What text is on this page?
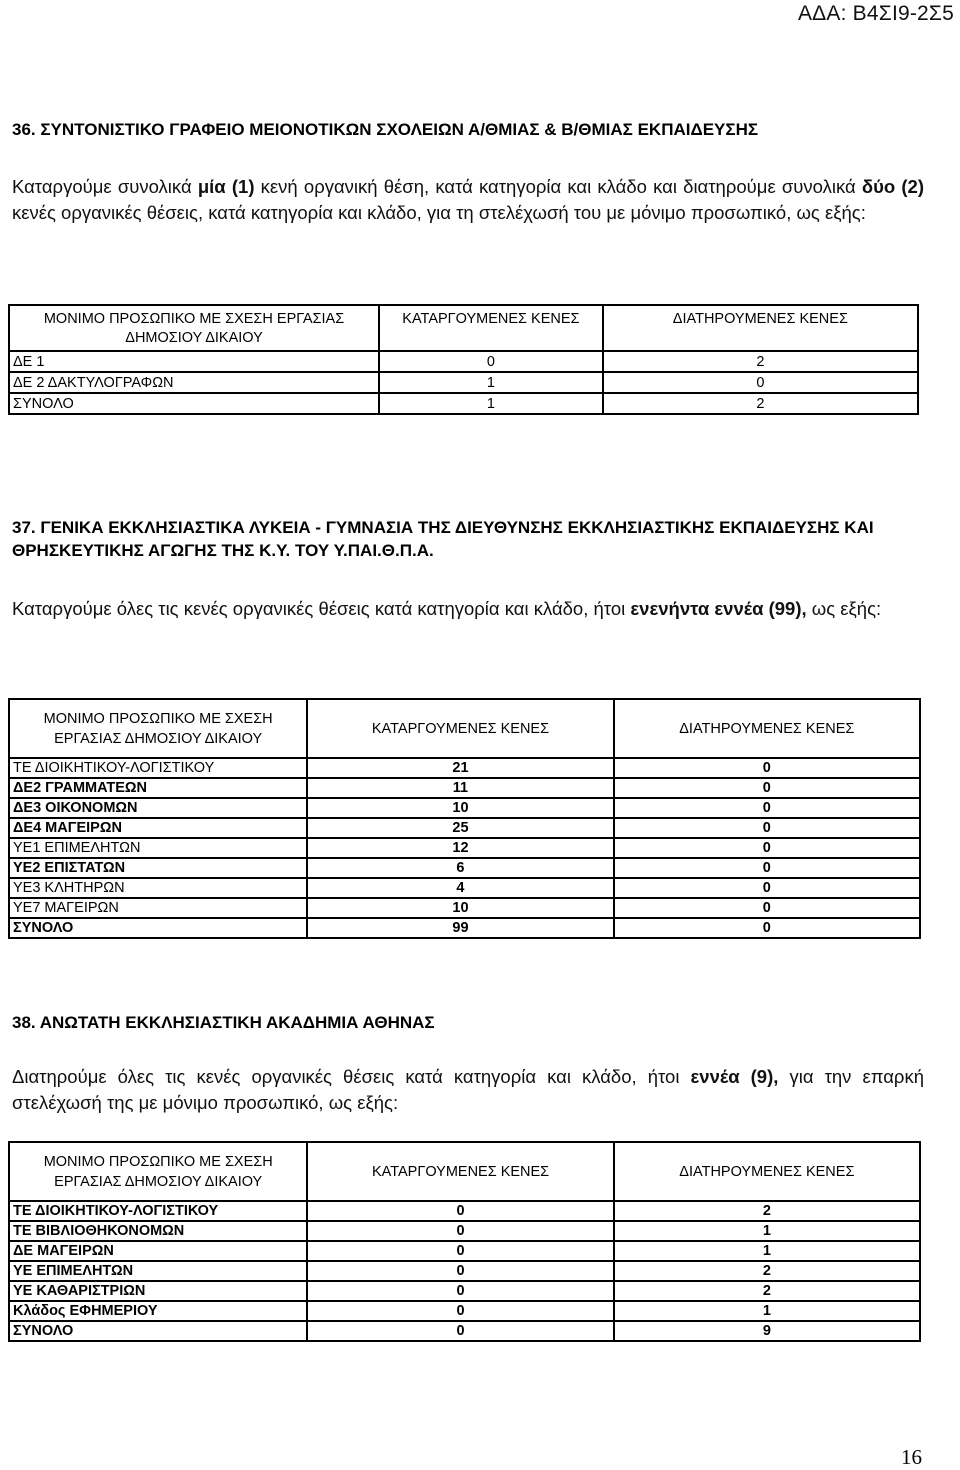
ΑΔΑ: Β4ΣΙ9-2Σ5
36. ΣΥΝΤΟΝΙΣΤΙΚΟ ΓΡΑΦΕΙΟ ΜΕΙΟΝΟΤΙΚΩΝ ΣΧΟΛΕΙΩΝ Α/ΘΜΙΑΣ & Β/ΘΜΙΑΣ ΕΚΠΑΙΔΕΥΣΗΣ
Καταργούμε συνολικά μία (1) κενή οργανική θέση, κατά κατηγορία και κλάδο και διατηρούμε συνολικά δύο (2) κενές οργανικές θέσεις, κατά κατηγορία και κλάδο, για τη στελέχωσή του με μόνιμο προσωπικό, ως εξής:
ΜΟΝΙΜΟ ΠΡΟΣΩΠΙΚΟ ΜΕ ΣΧΕΣΗ ΕΡΓΑΣΙΑΣ ΔΗΜΟΣΙΟΥ ΔΙΚΑΙΟΥ	ΚΑΤΑΡΓΟΥΜΕΝΕΣ ΚΕΝΕΣ	ΔΙΑΤΗΡΟΥΜΕΝΕΣ ΚΕΝΕΣ
ΔΕ 1	0	2
ΔΕ 2 ΔΑΚΤΥΛΟΓΡΑΦΩΝ	1	0
ΣΥΝΟΛΟ	1	2
37. ΓΕΝΙΚΑ ΕΚΚΛΗΣΙΑΣΤΙΚΑ ΛΥΚΕΙΑ - ΓΥΜΝΑΣΙΑ ΤΗΣ ΔΙΕΥΘΥΝΣΗΣ ΕΚΚΛΗΣΙΑΣΤΙΚΗΣ ΕΚΠΑΙΔΕΥΣΗΣ ΚΑΙ ΘΡΗΣΚΕΥΤΙΚΗΣ ΑΓΩΓΗΣ ΤΗΣ Κ.Υ. ΤΟΥ Υ.ΠΑΙ.Θ.Π.Α.
Καταργούμε όλες τις κενές οργανικές θέσεις κατά κατηγορία και κλάδο, ήτοι ενενήντα εννέα (99), ως εξής:
ΜΟΝΙΜΟ ΠΡΟΣΩΠΙΚΟ ΜΕ ΣΧΕΣΗ ΕΡΓΑΣΙΑΣ ΔΗΜΟΣΙΟΥ ΔΙΚΑΙΟΥ	ΚΑΤΑΡΓΟΥΜΕΝΕΣ ΚΕΝΕΣ	ΔΙΑΤΗΡΟΥΜΕΝΕΣ ΚΕΝΕΣ
ΤΕ ΔΙΟΙΚΗΤΙΚΟΥ-ΛΟΓΙΣΤΙΚΟΥ	21	0
ΔΕ2 ΓΡΑΜΜΑΤΕΩΝ	11	0
ΔΕ3 ΟΙΚΟΝΟΜΩΝ	10	0
ΔΕ4 ΜΑΓΕΙΡΩΝ	25	0
ΥΕ1 ΕΠΙΜΕΛΗΤΩΝ	12	0
ΥΕ2 ΕΠΙΣΤΑΤΩΝ	6	0
ΥΕ3 ΚΛΗΤΗΡΩΝ	4	0
ΥΕ7 ΜΑΓΕΙΡΩΝ	10	0
ΣΥΝΟΛΟ	99	0
38. ΑΝΩΤΑΤΗ ΕΚΚΛΗΣΙΑΣΤΙΚΗ ΑΚΑΔΗΜΙΑ ΑΘΗΝΑΣ
Διατηρούμε όλες τις κενές οργανικές θέσεις κατά κατηγορία και κλάδο, ήτοι εννέα (9), για την επαρκή στελέχωσή της με μόνιμο προσωπικό, ως εξής:
ΜΟΝΙΜΟ ΠΡΟΣΩΠΙΚΟ ΜΕ ΣΧΕΣΗ ΕΡΓΑΣΙΑΣ ΔΗΜΟΣΙΟΥ ΔΙΚΑΙΟΥ	ΚΑΤΑΡΓΟΥΜΕΝΕΣ ΚΕΝΕΣ	ΔΙΑΤΗΡΟΥΜΕΝΕΣ ΚΕΝΕΣ
ΤΕ ΔΙΟΙΚΗΤΙΚΟΥ-ΛΟΓΙΣΤΙΚΟΥ	0	2
ΤΕ ΒΙΒΛΙΟΘΗΚΟΝΟΜΩΝ	0	1
ΔΕ ΜΑΓΕΙΡΩΝ	0	1
ΥΕ ΕΠΙΜΕΛΗΤΩΝ	0	2
ΥΕ ΚΑΘΑΡΙΣΤΡΙΩΝ	0	2
Κλάδος ΕΦΗΜΕΡΙΟΥ	0	1
ΣΥΝΟΛΟ	0	9
16
